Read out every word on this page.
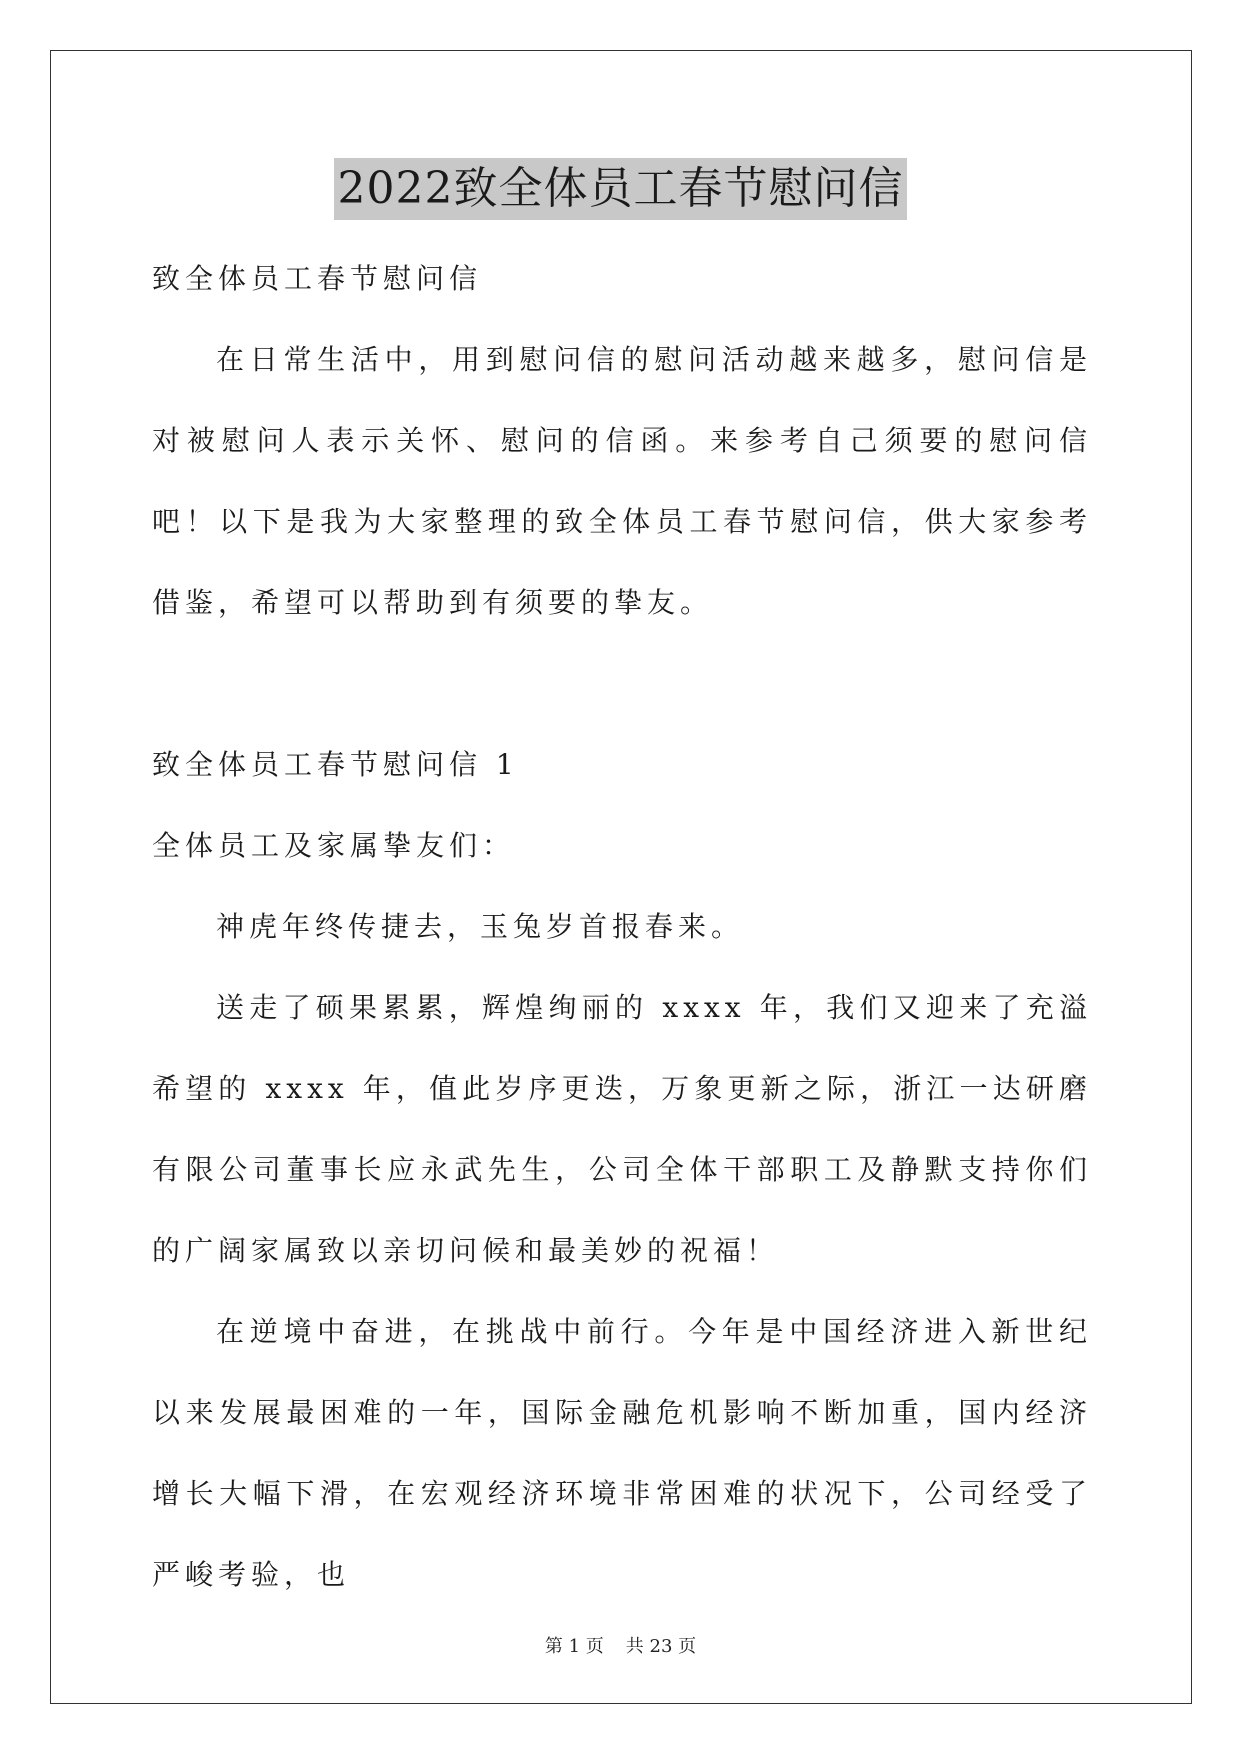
2022致全体员工春节慰问信

致全体员工春节慰问信

在日常生活中，用到慰问信的慰问活动越来越多，慰问信是对被慰问人表示关怀、慰问的信函。来参考自己须要的慰问信吧！以下是我为大家整理的致全体员工春节慰问信，供大家参考借鉴，希望可以帮助到有须要的挚友。

致全体员工春节慰问信 1

全体员工及家属挚友们：

神虎年终传捷去，玉兔岁首报春来。

送走了硕果累累，辉煌绚丽的 xxxx 年，我们又迎来了充溢希望的 xxxx 年，值此岁序更迭，万象更新之际，浙江一达研磨有限公司董事长应永武先生，公司全体干部职工及静默支持你们的广阔家属致以亲切问候和最美妙的祝福！

在逆境中奋进，在挑战中前行。今年是中国经济进入新世纪以来发展最困难的一年，国际金融危机影响不断加重，国内经济增长大幅下滑，在宏观经济环境非常困难的状况下，公司经受了严峻考验，也

第 1 页 共 23 页
